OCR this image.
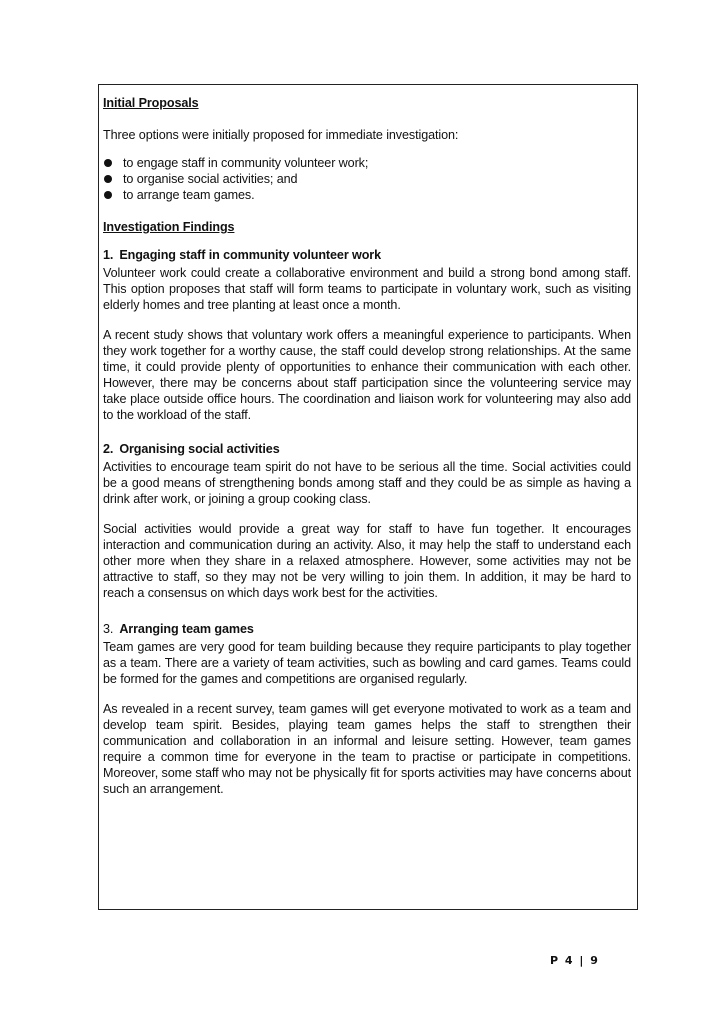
Initial Proposals

Three options were initially proposed for immediate investigation:

to engage staff in community volunteer work;
to organise social activities; and
to arrange team games.

Investigation Findings

1. Engaging staff in community volunteer work

Volunteer work could create a collaborative environment and build a strong bond among staff. This option proposes that staff will form teams to participate in voluntary work, such as visiting elderly homes and tree planting at least once a month.

A recent study shows that voluntary work offers a meaningful experience to participants. When they work together for a worthy cause, the staff could develop strong relationships. At the same time, it could provide plenty of opportunities to enhance their communication with each other. However, there may be concerns about staff participation since the volunteering service may take place outside office hours. The coordination and liaison work for volunteering may also add to the workload of the staff.

2. Organising social activities

Activities to encourage team spirit do not have to be serious all the time. Social activities could be a good means of strengthening bonds among staff and they could be as simple as having a drink after work, or joining a group cooking class.

Social activities would provide a great way for staff to have fun together. It encourages interaction and communication during an activity. Also, it may help the staff to understand each other more when they share in a relaxed atmosphere. However, some activities may not be attractive to staff, so they may not be very willing to join them. In addition, it may be hard to reach a consensus on which days work best for the activities.

3. Arranging team games

Team games are very good for team building because they require participants to play together as a team. There are a variety of team activities, such as bowling and card games. Teams could be formed for the games and competitions are organised regularly.

As revealed in a recent survey, team games will get everyone motivated to work as a team and develop team spirit. Besides, playing team games helps the staff to strengthen their communication and collaboration in an informal and leisure setting. However, team games require a common time for everyone in the team to practise or participate in competitions. Moreover, some staff who may not be physically fit for sports activities may have concerns about such an arrangement.

P 4 | 9
